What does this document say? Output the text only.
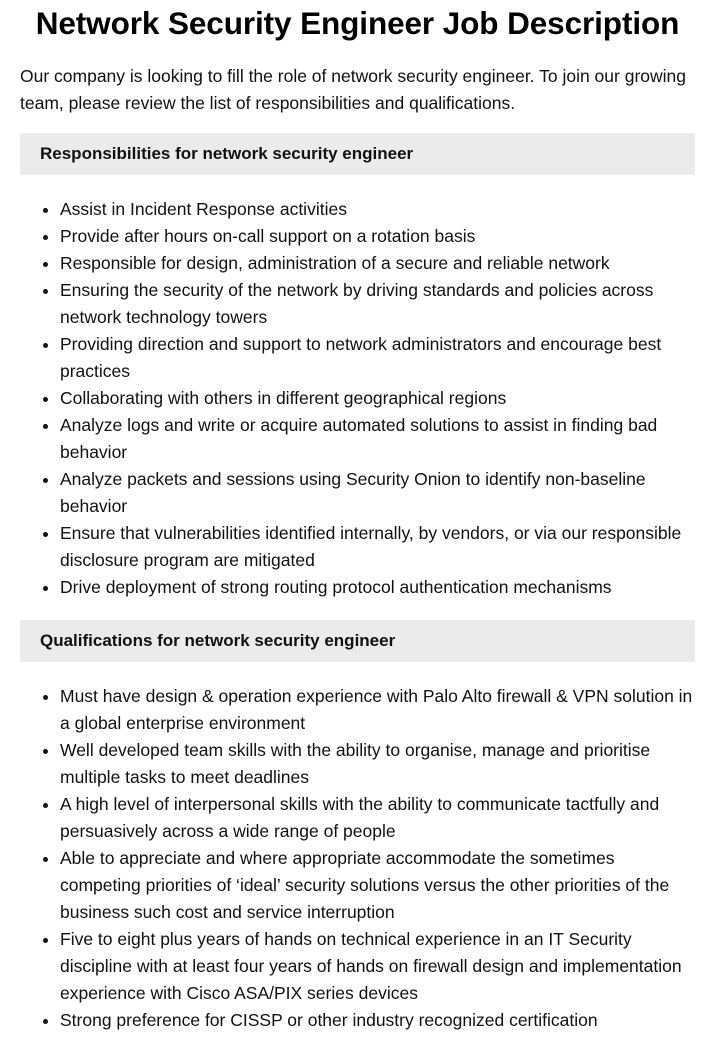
Network Security Engineer Job Description

Our company is looking to fill the role of network security engineer. To join our growing team, please review the list of responsibilities and qualifications.

Responsibilities for network security engineer
Assist in Incident Response activities
Provide after hours on-call support on a rotation basis
Responsible for design, administration of a secure and reliable network
Ensuring the security of the network by driving standards and policies across network technology towers
Providing direction and support to network administrators and encourage best practices
Collaborating with others in different geographical regions
Analyze logs and write or acquire automated solutions to assist in finding bad behavior
Analyze packets and sessions using Security Onion to identify non-baseline behavior
Ensure that vulnerabilities identified internally, by vendors, or via our responsible disclosure program are mitigated
Drive deployment of strong routing protocol authentication mechanisms
Qualifications for network security engineer
Must have design & operation experience with Palo Alto firewall & VPN solution in a global enterprise environment
Well developed team skills with the ability to organise, manage and prioritise multiple tasks to meet deadlines
A high level of interpersonal skills with the ability to communicate tactfully and persuasively across a wide range of people
Able to appreciate and where appropriate accommodate the sometimes competing priorities of ‘ideal’ security solutions versus the other priorities of the business such cost and service interruption
Five to eight plus years of hands on technical experience in an IT Security discipline with at least four years of hands on firewall design and implementation experience with Cisco ASA/PIX series devices
Strong preference for CISSP or other industry recognized certification
